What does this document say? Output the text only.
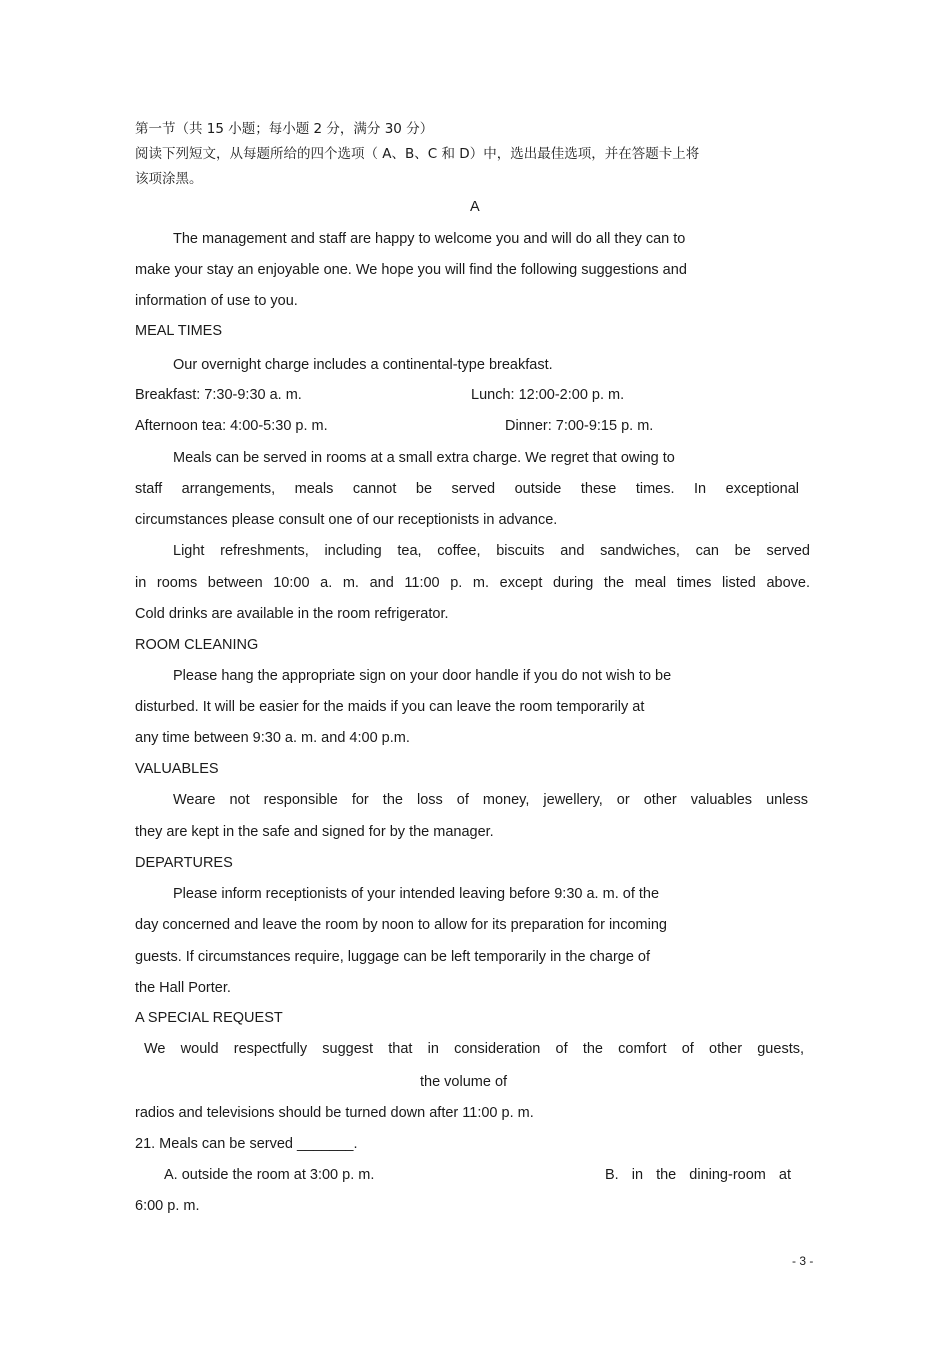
第一节（共 15 小题；每小题 2 分，满分 30 分）
阅读下列短文，从每题所给的四个选项（ A、B、C 和 D）中，选出最佳选项，并在答题卡上将
该项涂黑。
A
The management and staff are happy to welcome you and will do all they can to
make your stay an enjoyable one. We hope you will find the following suggestions and
information of use to you.
MEAL TIMES
Our overnight charge includes a continental-type breakfast.
Breakfast: 7:30-9:30 a. m.	Lunch: 12:00-2:00 p. m.
Afternoon tea: 4:00-5:30 p. m.	Dinner: 7:00-9:15 p. m.
Meals can be served in rooms at a small extra charge. We regret that owing to
staff arrangements, meals cannot be served outside these times. In exceptional
circumstances please consult one of our receptionists in advance.
Light refreshments, including tea, coffee, biscuits and sandwiches, can be served
in rooms between 10:00 a. m. and 11:00 p. m. except during the meal times listed above.
Cold drinks are available in the room refrigerator.
ROOM CLEANING
Please hang the appropriate sign on your door handle if you do not wish to be
disturbed. It will be easier for the maids if you can leave the room temporarily at
any time between 9:30 a. m. and 4:00 p.m.
VALUABLES
Weare not responsible for the loss of money, jewellery, or other valuables unless
they are kept in the safe and signed for by the manager.
DEPARTURES
Please inform receptionists of your intended leaving before 9:30 a. m. of the
day concerned and leave the room by noon to allow for its preparation for incoming
guests. If circumstances require, luggage can be left temporarily in the charge of
the Hall Porter.
A SPECIAL REQUEST
We would respectfully suggest that in consideration of the comfort of other guests,
the volume of
radios and televisions should be turned down after 11:00 p. m.
21. Meals can be served _______.
A. outside the room at 3:00 p. m.	B. in the dining-room at
6:00 p. m.
- 3 -
